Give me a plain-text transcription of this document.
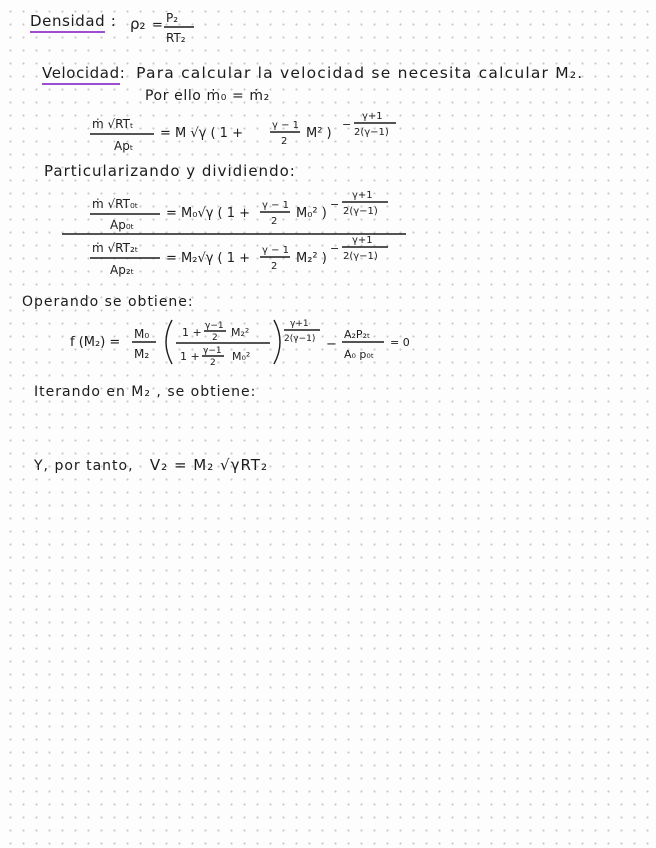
Densidad : ρ₂ = P₂
RT₂
Velocidad: Para calcular la velocidad se necesita calcular M₂.
Por ello ṁ₀ = ṁ₂
ṁ √RTₜ
Apₜ
= M √γ ( 1 +
γ − 1
2
M² )
−
γ+1
2(γ−1)
Particularizando y dividiendo:
ṁ √RT₀ₜ
Ap₀ₜ
= M₀√γ ( 1 +
γ − 1
2
M₀² )
−
γ+1
2(γ−1)
ṁ √RT₂ₜ
Ap₂ₜ
= M₂√γ ( 1 +
γ − 1
2
M₂² )
−
γ+1
2(γ−1)
Operando se obtiene:
f (M₂) =
M₀
M₂
1 + γ−1
2 M₂²
1 + γ−1
2 M₀²
γ+1
2(γ−1) −
A₂P₂ₜ
A₀ p₀ₜ
= 0
Iterando en M₂ , se obtiene:
Y, por tanto, V₂ = M₂ √γRT₂
